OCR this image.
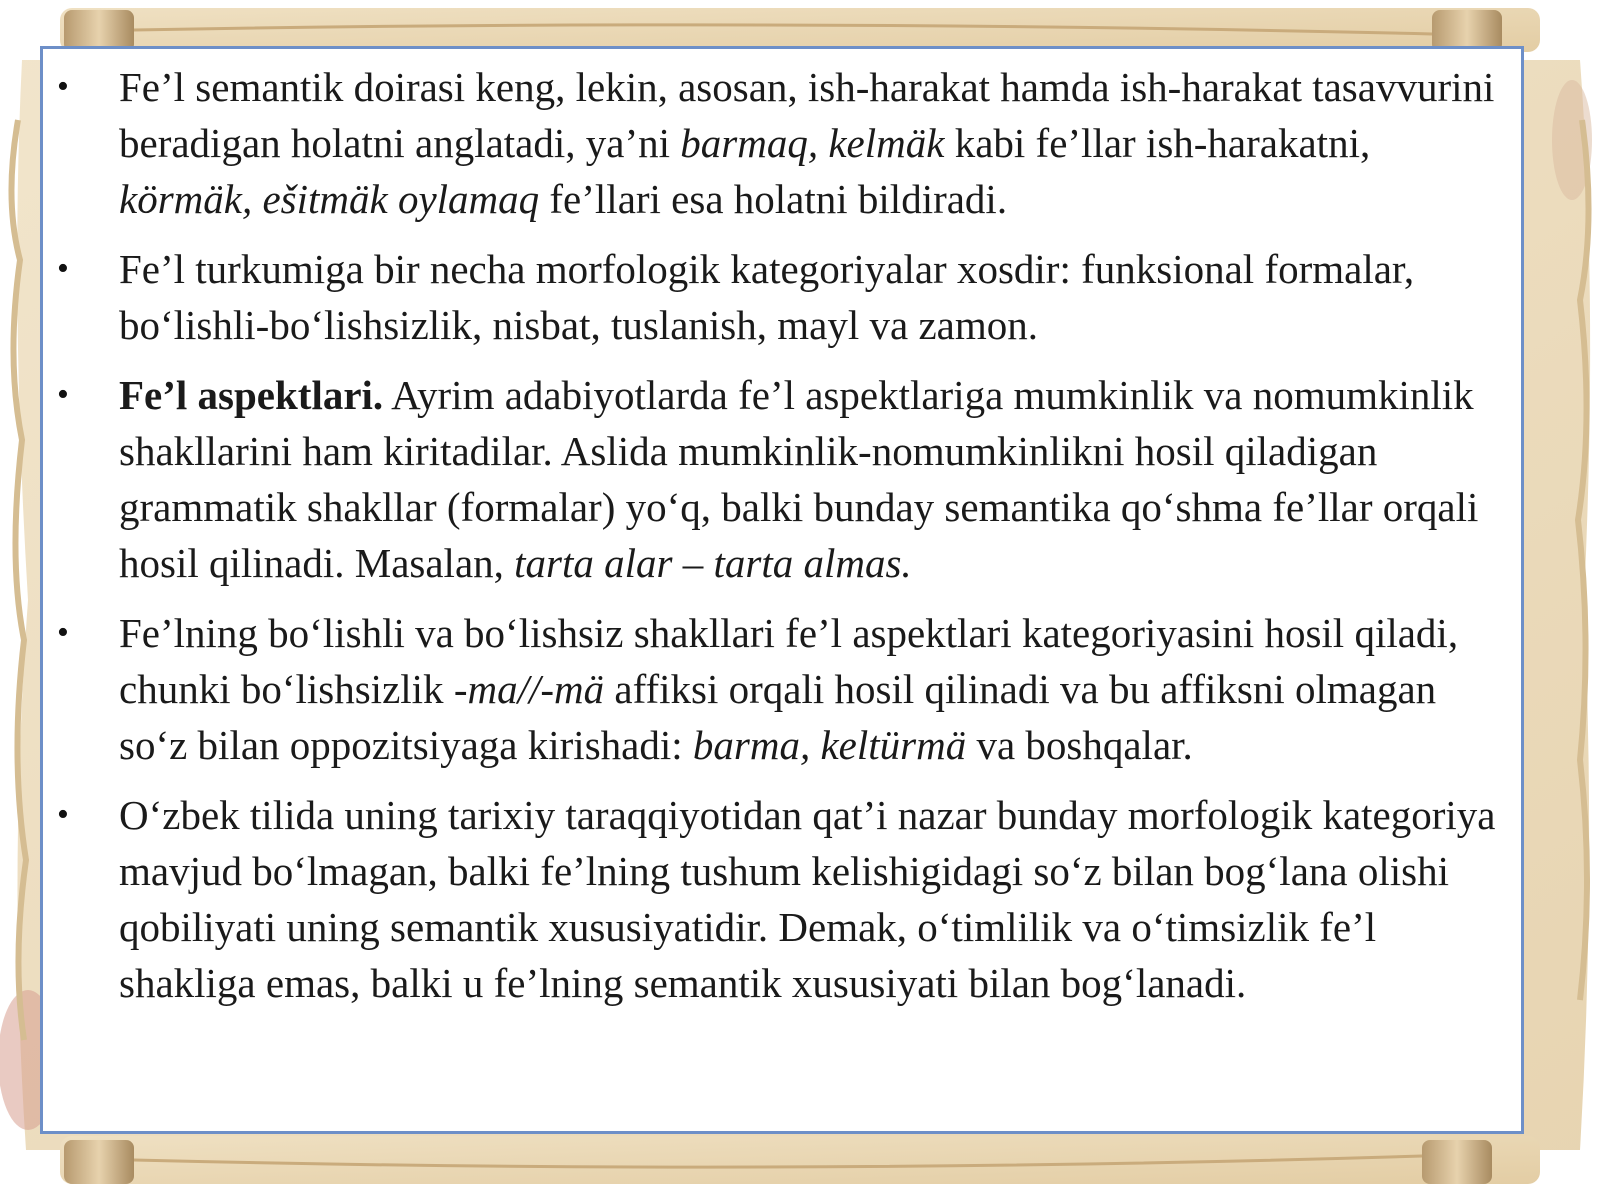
• Fe’l semantik doirasi keng, lekin, asosan, ish-harakat hamda ish-harakat tasavvurini beradigan holatni anglatadi, ya’ni barmaq, kelmäk kabi fe’llar ish-harakatni, körmäk, ešitmäk oylamaq fe’llari esa holatni bildiradi.
• Fe’l turkumiga bir necha morfologik kategoriyalar xosdir: funksional formalar, bo‘lishli-bo‘lishsizlik, nisbat, tuslanish, mayl va zamon.
• Fe’l aspektlari. Ayrim adabiyotlarda fe’l aspektlariga mumkinlik va nomumkinlik shakllarini ham kiritadilar. Aslida mumkinlik-nomumkinlikni hosil qiladigan grammatik shakllar (formalar) yo‘q, balki bunday semantika qo‘shma fe’llar orqali hosil qilinadi. Masalan, tarta alar – tarta almas.
• Fe’lning bo‘lishli va bo‘lishsiz shakllari fe’l aspektlari kategoriyasini hosil qiladi, chunki bo‘lishsizlik -ma//-mä affiksi orqali hosil qilinadi va bu affiksni olmagan so‘z bilan oppozitsiyaga kirishadi: barma, keltürmä va boshqalar.
• O‘zbek tilida uning tarixiy taraqqiyotidan qat’i nazar bunday morfologik kategoriya mavjud bo‘lmagan, balki fe’lning tushum kelishigidagi so‘z bilan bog‘lana olishi qobiliyati uning semantik xususiyatidir. Demak, o‘timlilik va o‘timsizlik fe’l shakliga emas, balki u fe’lning semantik xususiyati bilan bog‘lanadi.
